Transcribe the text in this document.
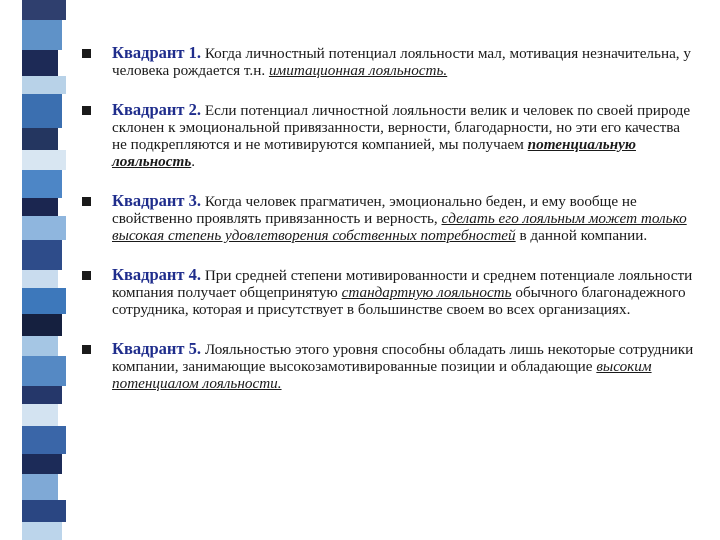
Квадрант 1. Когда личностный потенциал лояльности мал, мотивация незначительна, у человека рождается т.н. имитационная лояльность.
Квадрант 2. Если потенциал личностной лояльности велик и человек по своей природе склонен к эмоциональной привязанности, верности, благодарности, но эти его качества не подкрепляются и не мотивируются компанией, мы получаем потенциальную лояльность.
Квадрант 3. Когда человек прагматичен, эмоционально беден, и ему вообще не свойственно проявлять привязанность и верность, сделать его лояльным может только высокая степень удовлетворения собственных потребностей в данной компании.
Квадрант 4. При средней степени мотивированности и среднем потенциале лояльности компания получает общепринятую стандартную лояльность обычного благонадежного сотрудника, которая и присутствует в большинстве своем во всех организациях.
Квадрант 5. Лояльностью этого уровня способны обладать лишь некоторые сотрудники компании, занимающие высокозамотивированные позиции и обладающие высоким потенциалом лояльности.
